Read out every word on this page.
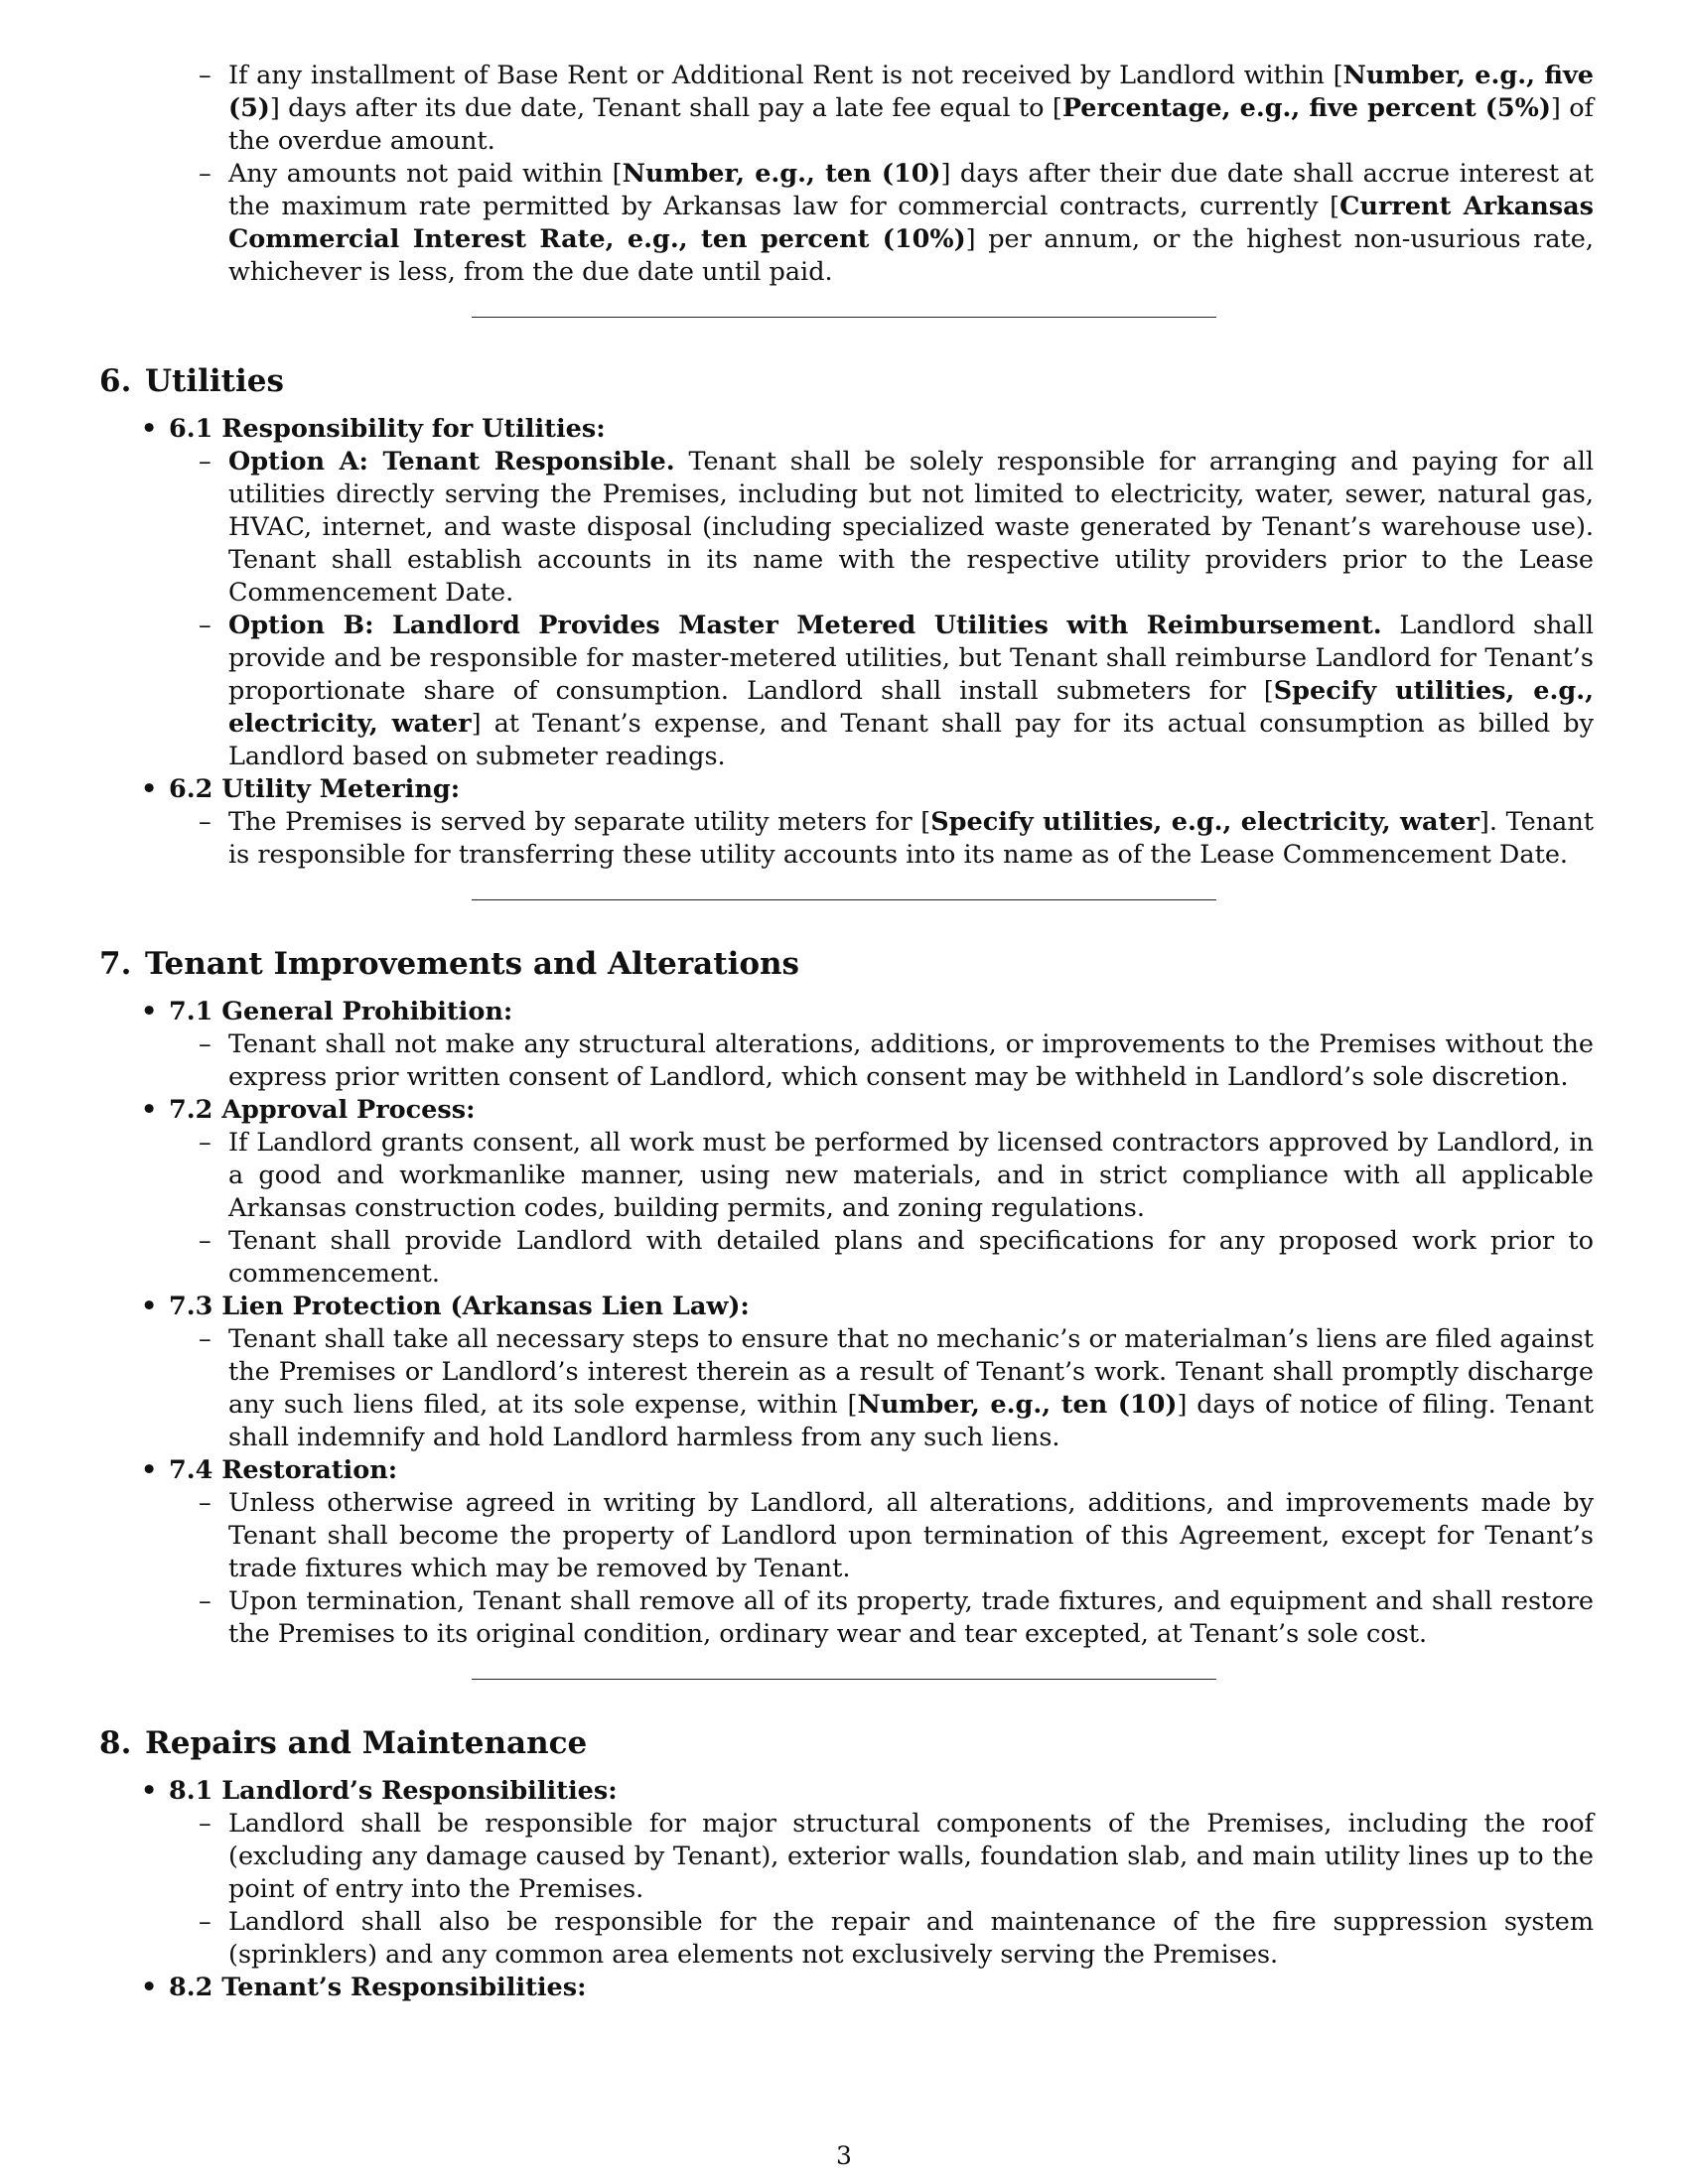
– If any installment of Base Rent or Additional Rent is not received by Landlord within [Number, e.g., five (5)] days after its due date, Tenant shall pay a late fee equal to [Percentage, e.g., five percent (5%)] of the overdue amount.
– Any amounts not paid within [Number, e.g., ten (10)] days after their due date shall accrue interest at the maximum rate permitted by Arkansas law for commercial contracts, currently [Current Arkansas Commercial Interest Rate, e.g., ten percent (10%)] per annum, or the highest non-usurious rate, whichever is less, from the due date until paid.
6. Utilities
• 6.1 Responsibility for Utilities:
– Option A: Tenant Responsible. Tenant shall be solely responsible for arranging and paying for all utilities directly serving the Premises, including but not limited to electricity, water, sewer, natural gas, HVAC, internet, and waste disposal (including specialized waste generated by Tenant’s warehouse use). Tenant shall establish accounts in its name with the respective utility providers prior to the Lease Commencement Date.
– Option B: Landlord Provides Master Metered Utilities with Reimbursement. Landlord shall provide and be responsible for master-metered utilities, but Tenant shall reimburse Landlord for Tenant’s proportionate share of consumption. Landlord shall install submeters for [Specify utilities, e.g., electricity, water] at Tenant’s expense, and Tenant shall pay for its actual consumption as billed by Landlord based on submeter readings.
• 6.2 Utility Metering:
– The Premises is served by separate utility meters for [Specify utilities, e.g., electricity, water]. Tenant is responsible for transferring these utility accounts into its name as of the Lease Commencement Date.
7. Tenant Improvements and Alterations
• 7.1 General Prohibition:
– Tenant shall not make any structural alterations, additions, or improvements to the Premises without the express prior written consent of Landlord, which consent may be withheld in Landlord’s sole discretion.
• 7.2 Approval Process:
– If Landlord grants consent, all work must be performed by licensed contractors approved by Landlord, in a good and workmanlike manner, using new materials, and in strict compliance with all applicable Arkansas construction codes, building permits, and zoning regulations.
– Tenant shall provide Landlord with detailed plans and specifications for any proposed work prior to commencement.
• 7.3 Lien Protection (Arkansas Lien Law):
– Tenant shall take all necessary steps to ensure that no mechanic’s or materialman’s liens are filed against the Premises or Landlord’s interest therein as a result of Tenant’s work. Tenant shall promptly discharge any such liens filed, at its sole expense, within [Number, e.g., ten (10)] days of notice of filing. Tenant shall indemnify and hold Landlord harmless from any such liens.
• 7.4 Restoration:
– Unless otherwise agreed in writing by Landlord, all alterations, additions, and improvements made by Tenant shall become the property of Landlord upon termination of this Agreement, except for Tenant’s trade fixtures which may be removed by Tenant.
– Upon termination, Tenant shall remove all of its property, trade fixtures, and equipment and shall restore the Premises to its original condition, ordinary wear and tear excepted, at Tenant’s sole cost.
8. Repairs and Maintenance
• 8.1 Landlord’s Responsibilities:
– Landlord shall be responsible for major structural components of the Premises, including the roof (excluding any damage caused by Tenant), exterior walls, foundation slab, and main utility lines up to the point of entry into the Premises.
– Landlord shall also be responsible for the repair and maintenance of the fire suppression system (sprinklers) and any common area elements not exclusively serving the Premises.
• 8.2 Tenant’s Responsibilities:
3
